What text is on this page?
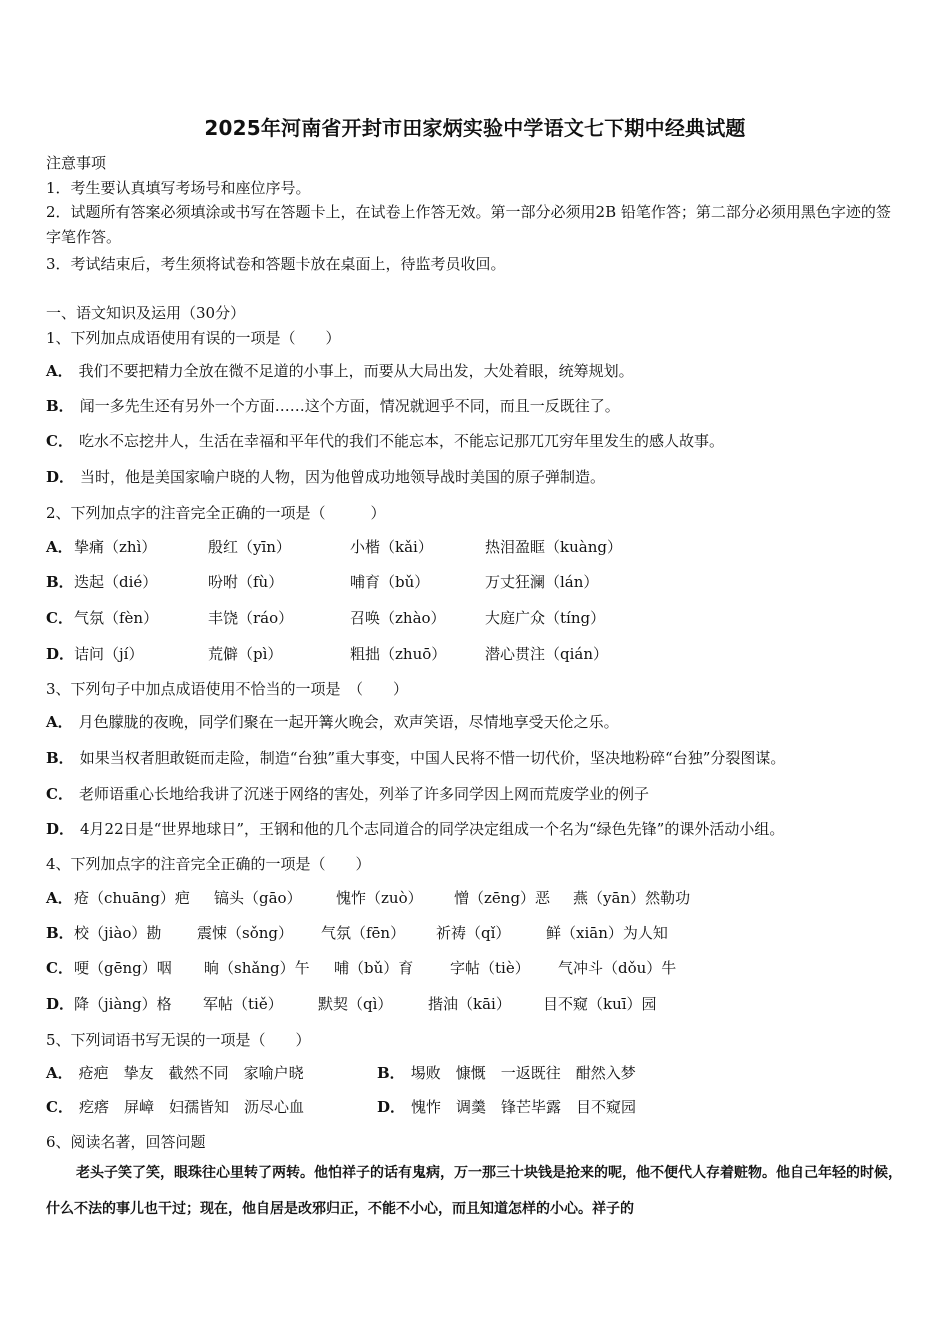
2025年河南省开封市田家炳实验中学语文七下期中经典试题
注意事项
1．考生要认真填写考场号和座位序号。
2．试题所有答案必须填涂或书写在答题卡上，在试卷上作答无效。第一部分必须用2B 铅笔作答；第二部分必须用黑色字迹的签字笔作答。
3．考试结束后，考生须将试卷和答题卡放在桌面上，待监考员收回。
一、语文知识及运用（30分）
1、下列加点成语使用有误的一项是（　　）
A． 我们不要把精力全放在微不足道的小事上，而要从大局出发，大处着眼，统筹规划。
B． 闻一多先生还有另外一个方面……这个方面，情况就迥乎不同，而且一反既往了。
C． 吃水不忘挖井人，生活在幸福和平年代的我们不能忘本，不能忘记那兀兀穷年里发生的感人故事。
D． 当时，他是美国家喻户晓的人物，因为他曾成功地领导战时美国的原子弹制造。
2、下列加点字的注音完全正确的一项是（　　　）
A． 挚痛（zhì）	殷红（yīn）	小楷（kǎi）	热泪盈眶（kuàng）
B． 迭起（dié）	吩咐（fù）	哺育（bǔ）	万丈狂澜（lán）
C． 气氛（fèn）	丰饶（ráo）	召唤（zhào）	大庭广众（tíng）
D． 诘问（jí）	荒僻（pì）	粗拙（zhuō）	潜心贯注（qián）
3、下列句子中加点成语使用不恰当的一项是　（　　）
A． 月色朦胧的夜晚，同学们聚在一起开篝火晚会，欢声笑语，尽情地享受天伦之乐。
B． 如果当权者胆敢铤而走险，制造“台独”重大事变，中国人民将不惜一切代价，坚决地粉碎“台独”分裂图谋。
C． 老师语重心长地给我讲了沉迷于网络的害处，列举了许多同学因上网而荒废学业的例子
D． 4月22日是“世界地球日”，王钢和他的几个志同道合的同学决定组成一个名为“绿色先锋”的课外活动小组。
4、下列加点字的注音完全正确的一项是（　　）
A． 疮（chuāng）疤 镐头（gāo） 愧怍（zuò） 憎（zēng）恶 燕（yān）然勒功
B． 校（jiào）勘 震悚（sǒng） 气氛（fēn） 祈祷（qǐ） 鲜（xiān）为人知
C． 哽（gēng）咽 晌（shǎng）午 哺（bǔ）育 字帖（tiè） 气冲斗（dǒu）牛
D． 降（jiàng）格 军帖（tiě） 默契（qì） 揩油（kāi） 目不窥（kuī）园
5、下列词语书写无误的一项是（　　）
A． 疮疤　挚友　截然不同　家喻户晓	B． 埸败　慷慨　一返既往　酣然入梦
C． 疙瘩　屏嶂　妇孺皆知　沥尽心血	D． 愧怍　调羹　锋芒毕露　目不窥园
6、阅读名著，回答问题
老头子笑了笑，眼珠往心里转了两转。他怕祥子的话有鬼病，万一那三十块钱是抢来的呢，他不便代人存着赃物。他自己年轻的时候，什么不法的事儿也干过；现在，他自居是改邪归正，不能不小心，而且知道怎样的小心。祥子的
